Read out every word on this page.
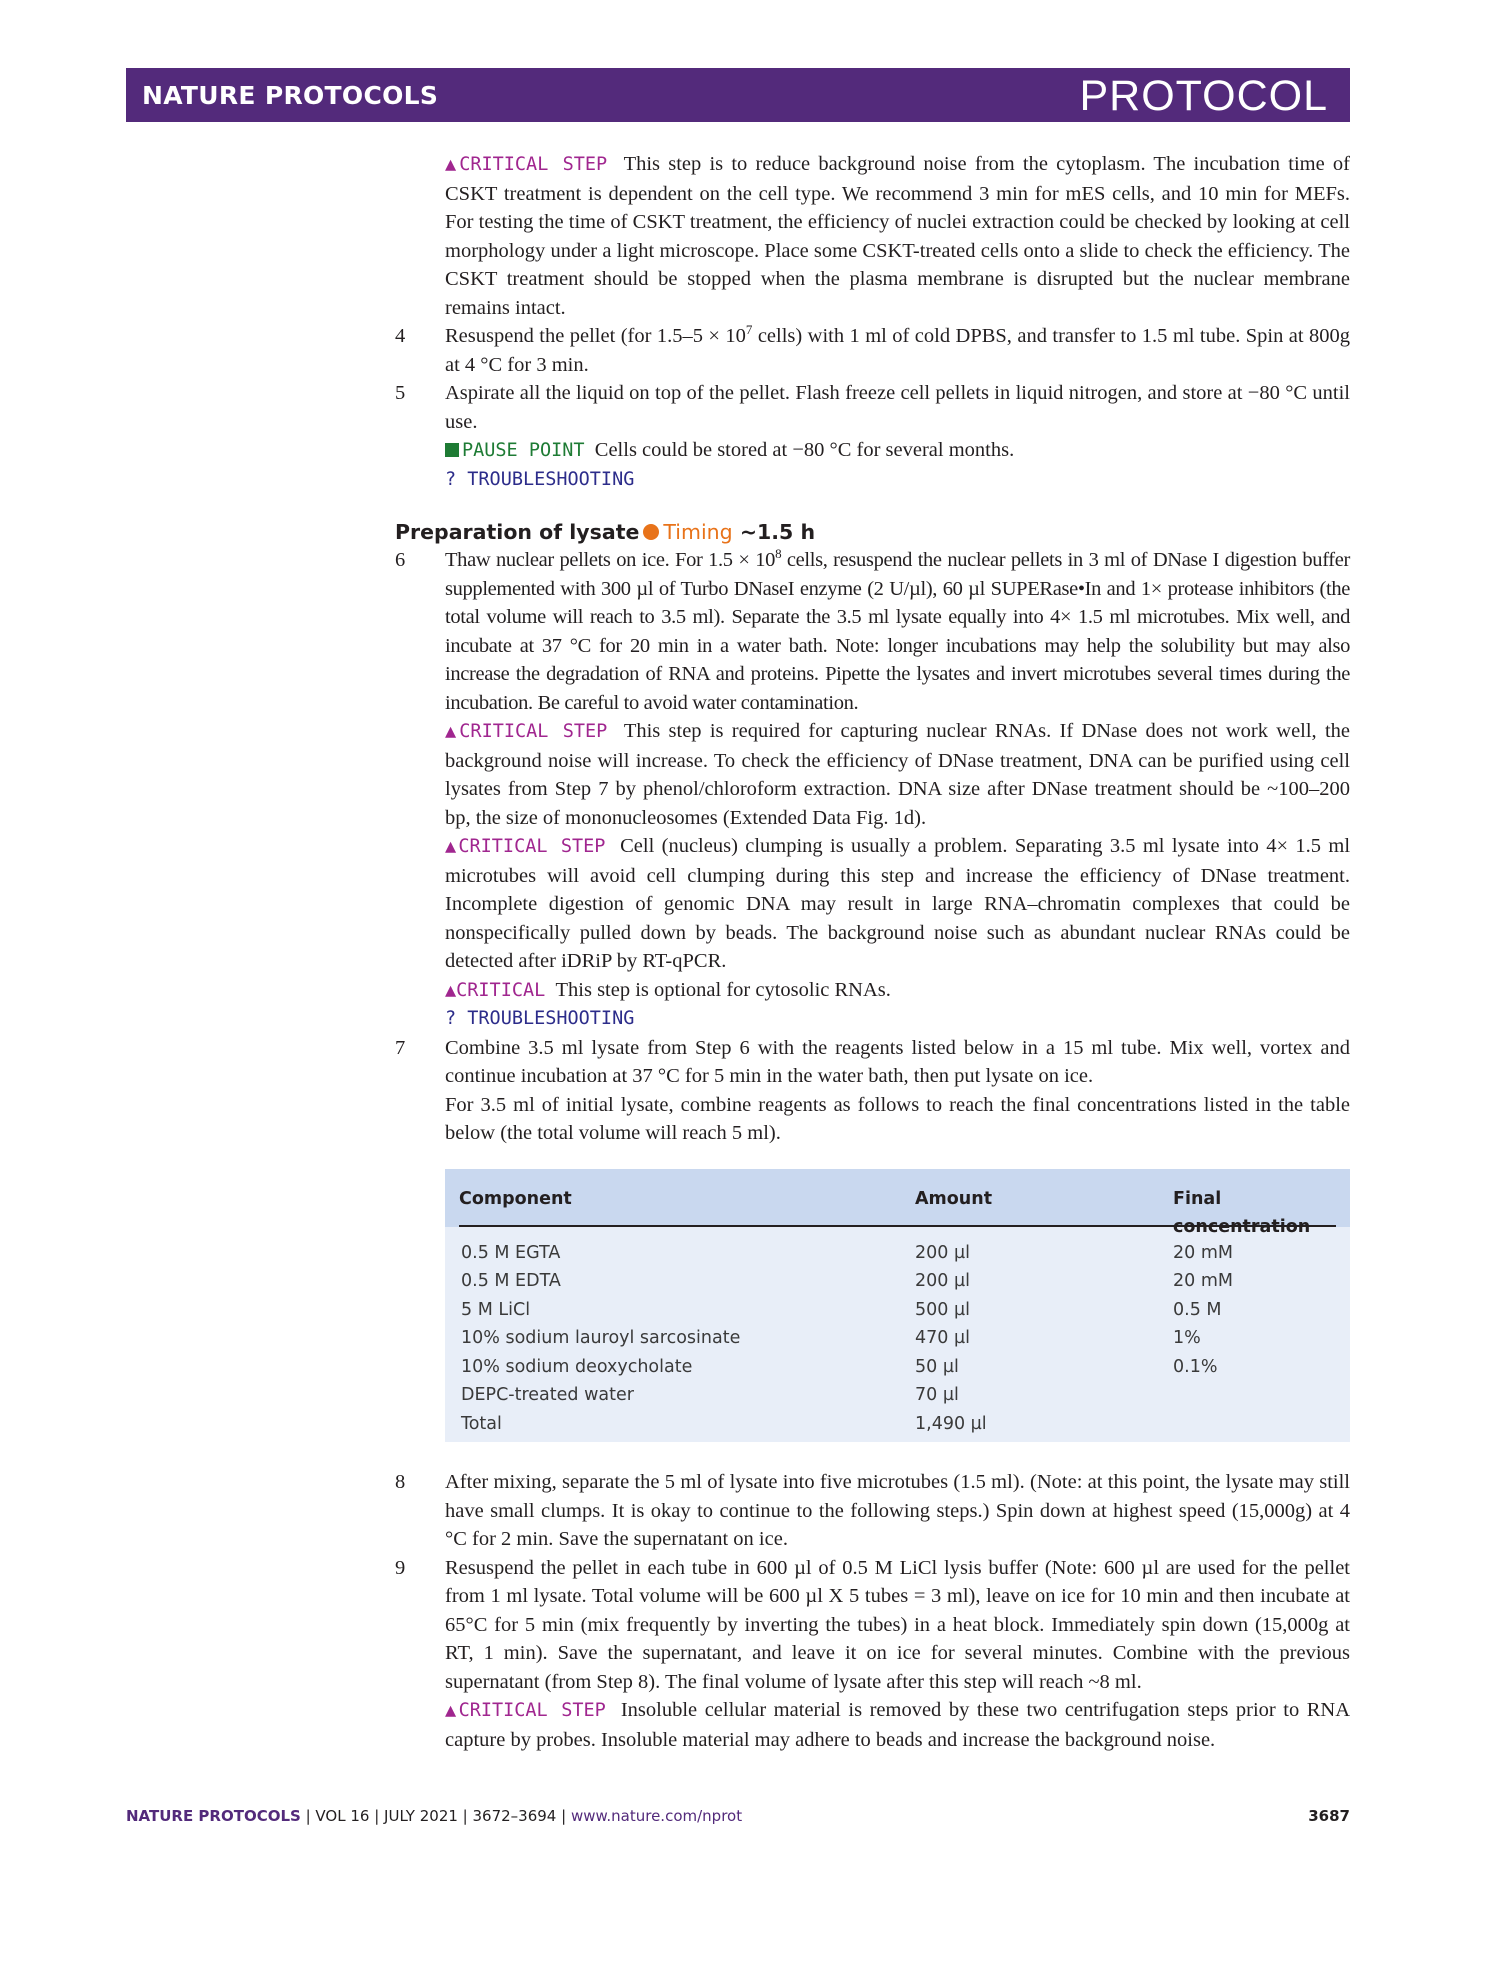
NATURE PROTOCOLS	PROTOCOL
▲CRITICAL STEP This step is to reduce background noise from the cytoplasm. The incubation time of CSKT treatment is dependent on the cell type. We recommend 3 min for mES cells, and 10 min for MEFs. For testing the time of CSKT treatment, the efficiency of nuclei extraction could be checked by looking at cell morphology under a light microscope. Place some CSKT-treated cells onto a slide to check the efficiency. The CSKT treatment should be stopped when the plasma membrane is disrupted but the nuclear membrane remains intact.
4 Resuspend the pellet (for $1.5-5 \times 10^7$ cells) with 1 ml of cold DPBS, and transfer to 1.5 ml tube. Spin at 800g at 4 °C for 3 min.
5 Aspirate all the liquid on top of the pellet. Flash freeze cell pellets in liquid nitrogen, and store at −80 °C until use.
PAUSE POINT Cells could be stored at −80 °C for several months.
? TROUBLESHOOTING
Preparation of lysate Timing ~1.5 h
6 Thaw nuclear pellets on ice. For $1.5 \times 10^8$ cells, resuspend the nuclear pellets in 3 ml of DNase I digestion buffer supplemented with 300 µl of Turbo DNaseI enzyme (2 U/µl), 60 µl SUPERase•In and 1× protease inhibitors (the total volume will reach to 3.5 ml). Separate the 3.5 ml lysate equally into 4× 1.5 ml microtubes. Mix well, and incubate at 37 °C for 20 min in a water bath. Note: longer incubations may help the solubility but may also increase the degradation of RNA and proteins. Pipette the lysates and invert microtubes several times during the incubation. Be careful to avoid water contamination.
▲CRITICAL STEP This step is required for capturing nuclear RNAs. If DNase does not work well, the background noise will increase. To check the efficiency of DNase treatment, DNA can be purified using cell lysates from Step 7 by phenol/chloroform extraction. DNA size after DNase treatment should be ~100–200 bp, the size of mononucleosomes (Extended Data Fig. 1d).
▲CRITICAL STEP Cell (nucleus) clumping is usually a problem. Separating 3.5 ml lysate into 4× 1.5 ml microtubes will avoid cell clumping during this step and increase the efficiency of DNase treatment. Incomplete digestion of genomic DNA may result in large RNA–chromatin complexes that could be nonspecifically pulled down by beads. The background noise such as abundant nuclear RNAs could be detected after iDRiP by RT-qPCR.
▲CRITICAL This step is optional for cytosolic RNAs.
? TROUBLESHOOTING
7 Combine 3.5 ml lysate from Step 6 with the reagents listed below in a 15 ml tube. Mix well, vortex and continue incubation at 37 °C for 5 min in the water bath, then put lysate on ice.
For 3.5 ml of initial lysate, combine reagents as follows to reach the final concentrations listed in the table below (the total volume will reach 5 ml).
Component	Amount	Final concentration
0.5 M EGTA	200 µl	20 mM
0.5 M EDTA	200 µl	20 mM
5 M LiCl	500 µl	0.5 M
10% sodium lauroyl sarcosinate	470 µl	1%
10% sodium deoxycholate	50 µl	0.1%
DEPC-treated water	70 µl
Total	1,490 µl
8 After mixing, separate the 5 ml of lysate into five microtubes (1.5 ml). (Note: at this point, the lysate may still have small clumps. It is okay to continue to the following steps.) Spin down at highest speed (15,000g) at 4 °C for 2 min. Save the supernatant on ice.
9 Resuspend the pellet in each tube in 600 µl of 0.5 M LiCl lysis buffer (Note: 600 µl are used for the pellet from 1 ml lysate. Total volume will be 600 µl X 5 tubes = 3 ml), leave on ice for 10 min and then incubate at 65°C for 5 min (mix frequently by inverting the tubes) in a heat block. Immediately spin down (15,000g at RT, 1 min). Save the supernatant, and leave it on ice for several minutes. Combine with the previous supernatant (from Step 8). The final volume of lysate after this step will reach ~8 ml.
▲CRITICAL STEP Insoluble cellular material is removed by these two centrifugation steps prior to RNA capture by probes. Insoluble material may adhere to beads and increase the background noise.
NATURE PROTOCOLS | VOL 16 | JULY 2021 | 3672–3694 | www.nature.com/nprot	3687
